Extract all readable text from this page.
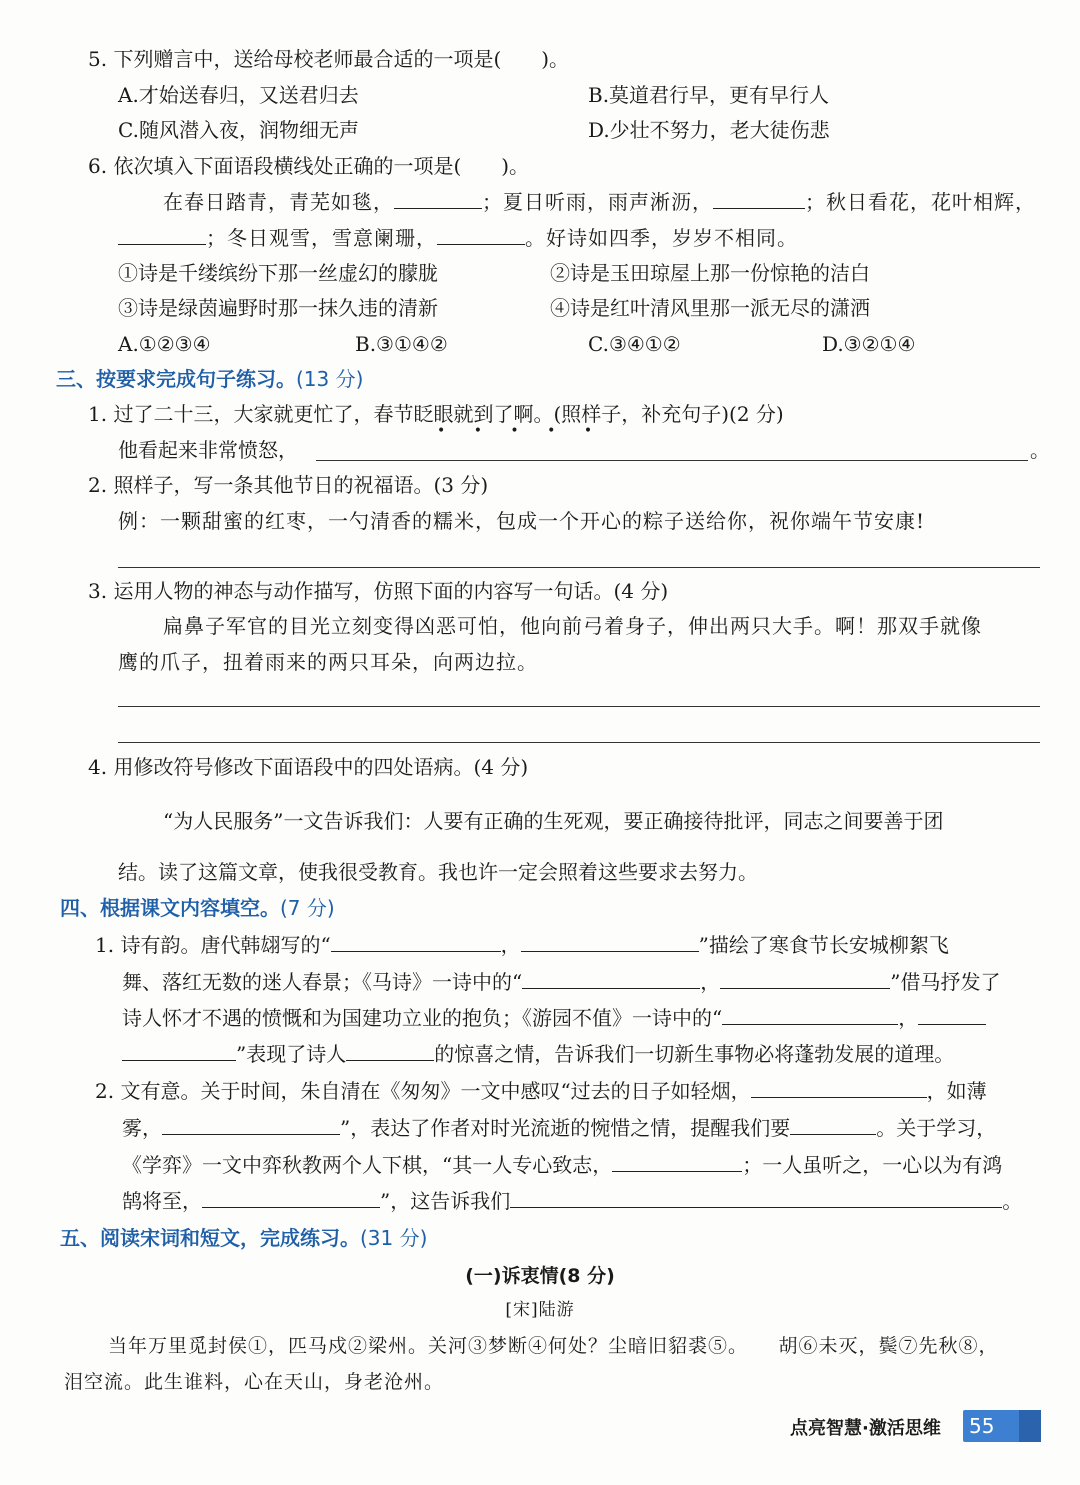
5. 下列赠言中，送给母校老师最合适的一项是(　　)。
A.才始送春归，又送君归去	B.莫道君行早，更有早行人
C.随风潜入夜，润物细无声	D.少壮不努力，老大徒伤悲
6. 依次填入下面语段横线处正确的一项是(　　)。
在春日踏青，青芜如毯，	；夏日听雨，雨声淅沥，	；秋日看花，花叶相辉，
；冬日观雪，雪意阑珊，	。好诗如四季，岁岁不相同。
①诗是千缕缤纷下那一丝虚幻的朦胧	②诗是玉田琼屋上那一份惊艳的洁白
③诗是绿茵遍野时那一抹久违的清新	④诗是红叶清风里那一派无尽的潇洒
A.①②③④	B.③①④②	C.③④①②	D.③②①④
三、按要求完成句子练习。(13 分)
1. 过了二十三，大家就更忙了，春节眨眼就到了啊。(照样子，补充句子)(2 分)
• • • • •
他看起来非常愤怒，	。
2. 照样子，写一条其他节日的祝福语。(3 分)
例：一颗甜蜜的红枣，一勺清香的糯米，包成一个开心的粽子送给你，祝你端午节安康!
3. 运用人物的神态与动作描写，仿照下面的内容写一句话。(4 分)
扁鼻子军官的目光立刻变得凶恶可怕，他向前弓着身子，伸出两只大手。啊！那双手就像
鹰的爪子，扭着雨来的两只耳朵，向两边拉。
4. 用修改符号修改下面语段中的四处语病。(4 分)
“为人民服务”一文告诉我们：人要有正确的生死观，要正确接待批评，同志之间要善于团
结。读了这篇文章，使我很受教育。我也许一定会照着这些要求去努力。
四、根据课文内容填空。(7 分)
1. 诗有韵。唐代韩翃写的“	，	”描绘了寒食节长安城柳絮飞
舞、落红无数的迷人春景；《马诗》一诗中的“	，	”借马抒发了
诗人怀才不遇的愤慨和为国建功立业的抱负；《游园不值》一诗中的“	，
”表现了诗人	的惊喜之情，告诉我们一切新生事物必将蓬勃发展的道理。
2. 文有意。关于时间，朱自清在《匆匆》一文中感叹“过去的日子如轻烟，	，如薄
雾，	”，表达了作者对时光流逝的惋惜之情，提醒我们要	。关于学习，
《学弈》一文中弈秋教两个人下棋，“其一人专心致志，	；一人虽听之，一心以为有鸿
鹄将至，	”，这告诉我们	。
五、阅读宋词和短文，完成练习。(31 分)
(一)诉衷情(8 分)
[宋]陆游
当年万里觅封侯①，匹马戍②梁州。关河③梦断④何处？尘暗旧貂裘⑤。　　胡⑥未灭，鬓⑦先秋⑧，
泪空流。此生谁料，心在天山，身老沧州。
点亮智慧·激活思维	55
